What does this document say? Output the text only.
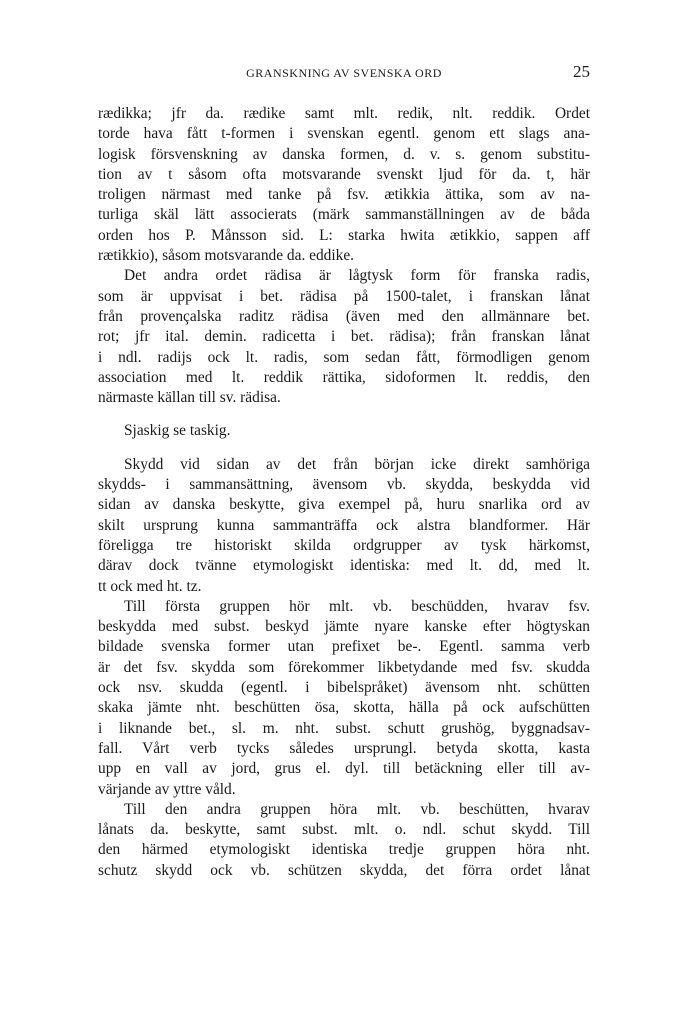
GRANSKNING AV SVENSKA ORD	25
rædikka; jfr da. rædike samt mlt. redik, nlt. reddik. Ordet
torde hava fått t-formen i svenskan egentl. genom ett slags ana-
logisk försvenskning av danska formen, d. v. s. genom substitu-
tion av t såsom ofta motsvarande svenskt ljud för da. t, här
troligen närmast med tanke på fsv. ætikkia ättika, som av na-
turliga skäl lätt associerats (märk sammanställningen av de båda
orden hos P. Månsson sid. L: starka hwita ætikkio, sappen aff
rætikkio), såsom motsvarande da. eddike.
Det andra ordet rädisa är lågtysk form för franska radis,
som är uppvisat i bet. rädisa på 1500-talet, i franskan lånat
från provençalska raditz rädisa (även med den allmännare bet.
rot; jfr ital. demin. radicetta i bet. rädisa); från franskan lånat
i ndl. radijs ock lt. radis, som sedan fått, förmodligen genom
association med lt. reddik rättika, sidoformen lt. reddis, den
närmaste källan till sv. rädisa.
Sjaskig se taskig.
Skydd vid sidan av det från början icke direkt samhöriga
skydds- i sammansättning, ävensom vb. skydda, beskydda vid
sidan av danska beskytte, giva exempel på, huru snarlika ord av
skilt ursprung kunna sammanträffa ock alstra blandformer. Här
föreligga tre historiskt skilda ordgrupper av tysk härkomst,
därav dock tvänne etymologiskt identiska: med lt. dd, med lt.
tt ock med ht. tz.
Till första gruppen hör mlt. vb. beschüdden, hvarav fsv.
beskydda med subst. beskyd jämte nyare kanske efter högtyskan
bildade svenska former utan prefixet be-. Egentl. samma verb
är det fsv. skydda som förekommer likbetydande med fsv. skudda
ock nsv. skudda (egentl. i bibelspråket) ävensom nht. schütten
skaka jämte nht. beschütten ösa, skotta, hälla på ock aufschütten
i liknande bet., sl. m. nht. subst. schutt grushög, byggnadsav-
fall. Vårt verb tycks således ursprungl. betyda skotta, kasta
upp en vall av jord, grus el. dyl. till betäckning eller till av-
värjande av yttre våld.
Till den andra gruppen höra mlt. vb. beschütten, hvarav
lånats da. beskytte, samt subst. mlt. o. ndl. schut skydd. Till
den härmed etymologiskt identiska tredje gruppen höra nht.
schutz skydd ock vb. schützen skydda, det förra ordet lånat
